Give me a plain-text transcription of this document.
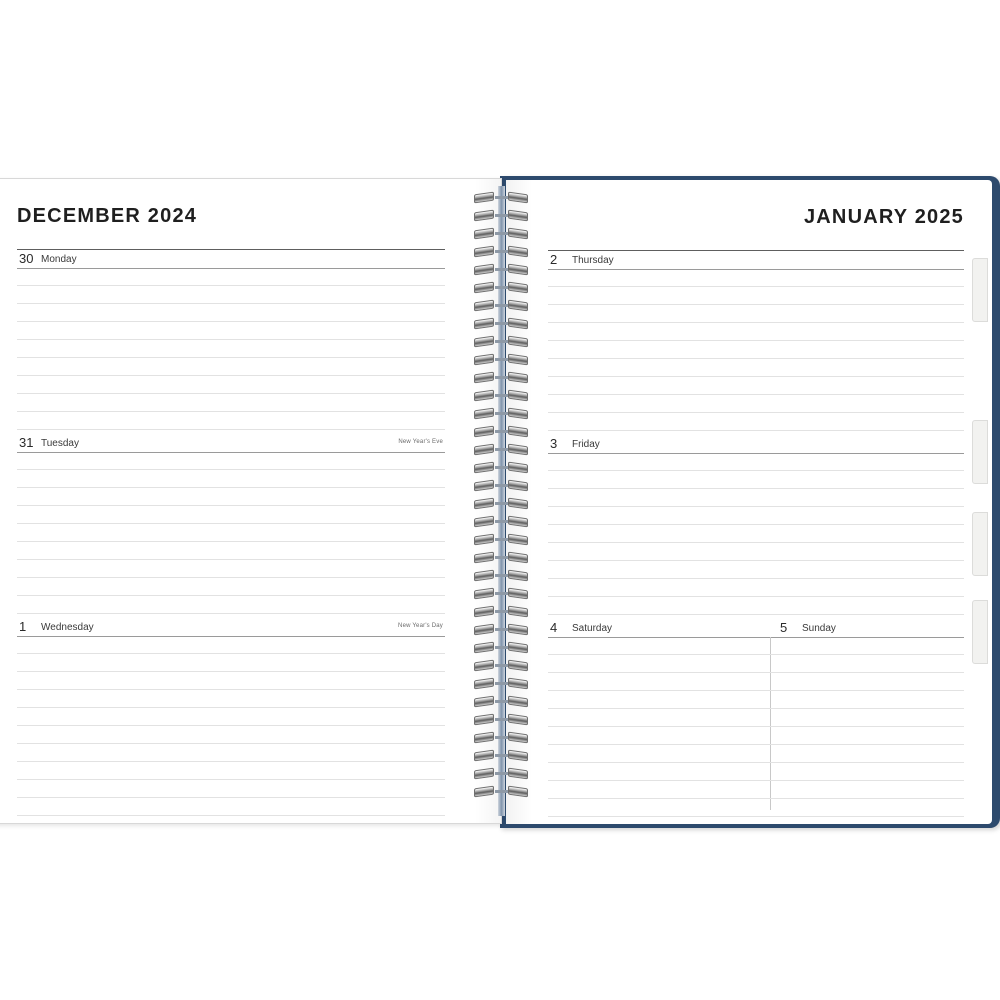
DECEMBER 2024
30 Monday
31 Tuesday	New Year's Eve
1 Wednesday	New Year's Day
JANUARY 2025
2 Thursday
3 Friday
4 Saturday	5 Sunday
